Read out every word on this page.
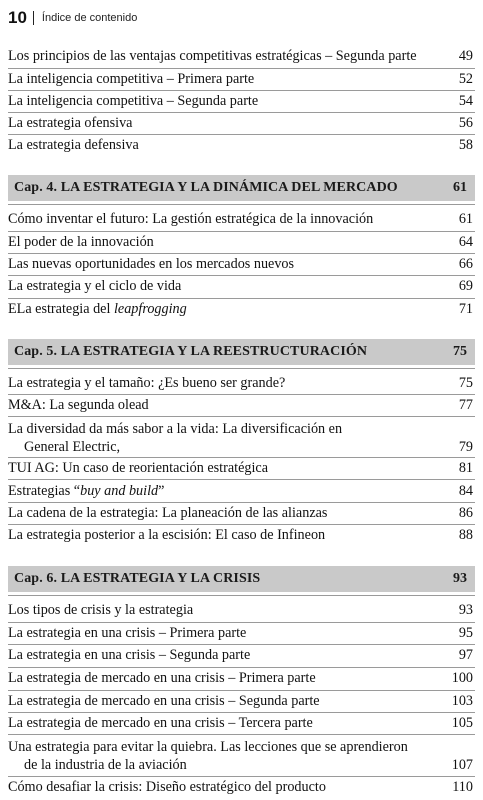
10 Índice de contenido
Los principios de las ventajas competitivas estratégicas – Segunda parte	49
La inteligencia competitiva – Primera parte	52
La inteligencia competitiva – Segunda parte	54
La estrategia ofensiva	56
La estrategia defensiva	58
Cap. 4. LA ESTRATEGIA Y LA DINÁMICA DEL MERCADO	61
Cómo inventar el futuro: La gestión estratégica de la innovación	61
El poder de la innovación	64
Las nuevas oportunidades en los mercados nuevos	66
La estrategia y el ciclo de vida	69
ELa estrategia del leapfrogging	71
Cap. 5. LA ESTRATEGIA Y LA REESTRUCTURACIÓN	75
La estrategia y el tamaño: ¿Es bueno ser grande?	75
M&A: La segunda olead	77
La diversidad da más sabor a la vida: La diversificación en
General Electric,	79
TUI AG: Un caso de reorientación estratégica	81
Estrategias “buy and build”	84
La cadena de la estrategia: La planeación de las alianzas	86
La estrategia posterior a la escisión: El caso de Infineon	88
Cap. 6. LA ESTRATEGIA Y LA CRISIS	93
Los tipos de crisis y la estrategia	93
La estrategia en una crisis – Primera parte	95
La estrategia en una crisis – Segunda parte	97
La estrategia de mercado en una crisis – Primera parte	100
La estrategia de mercado en una crisis – Segunda parte	103
La estrategia de mercado en una crisis – Tercera parte	105
Una estrategia para evitar la quiebra. Las lecciones que se aprendieron
de la industria de la aviación	107
Cómo desafiar la crisis: Diseño estratégico del producto	110
